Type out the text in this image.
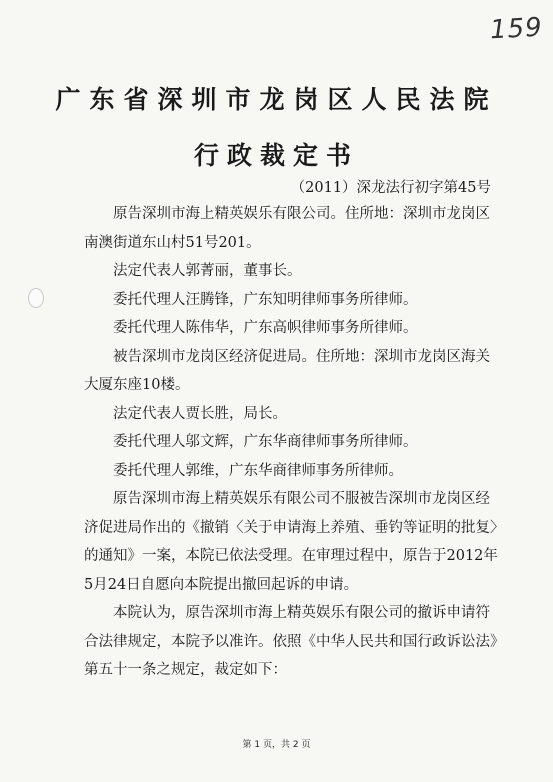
159
广东省深圳市龙岗区人民法院
行政裁定书
（2011）深龙法行初字第45号

原告深圳市海上精英娱乐有限公司。住所地：深圳市龙岗区南澳街道东山村51号201。

法定代表人郭菁丽，董事长。

委托代理人汪腾锋，广东知明律师事务所律师。

委托代理人陈伟华，广东高帜律师事务所律师。

被告深圳市龙岗区经济促进局。住所地：深圳市龙岗区海关大厦东座10楼。

法定代表人贾长胜，局长。

委托代理人邬文辉，广东华商律师事务所律师。

委托代理人郭维，广东华商律师事务所律师。

原告深圳市海上精英娱乐有限公司不服被告深圳市龙岗区经济促进局作出的《撤销〈关于申请海上养殖、垂钓等证明的批复〉的通知》一案，本院已依法受理。在审理过程中，原告于2012年5月24日自愿向本院提出撤回起诉的申请。

本院认为，原告深圳市海上精英娱乐有限公司的撤诉申请符合法律规定，本院予以准许。依照《中华人民共和国行政诉讼法》第五十一条之规定，裁定如下：

第 1 页，共 2 页
